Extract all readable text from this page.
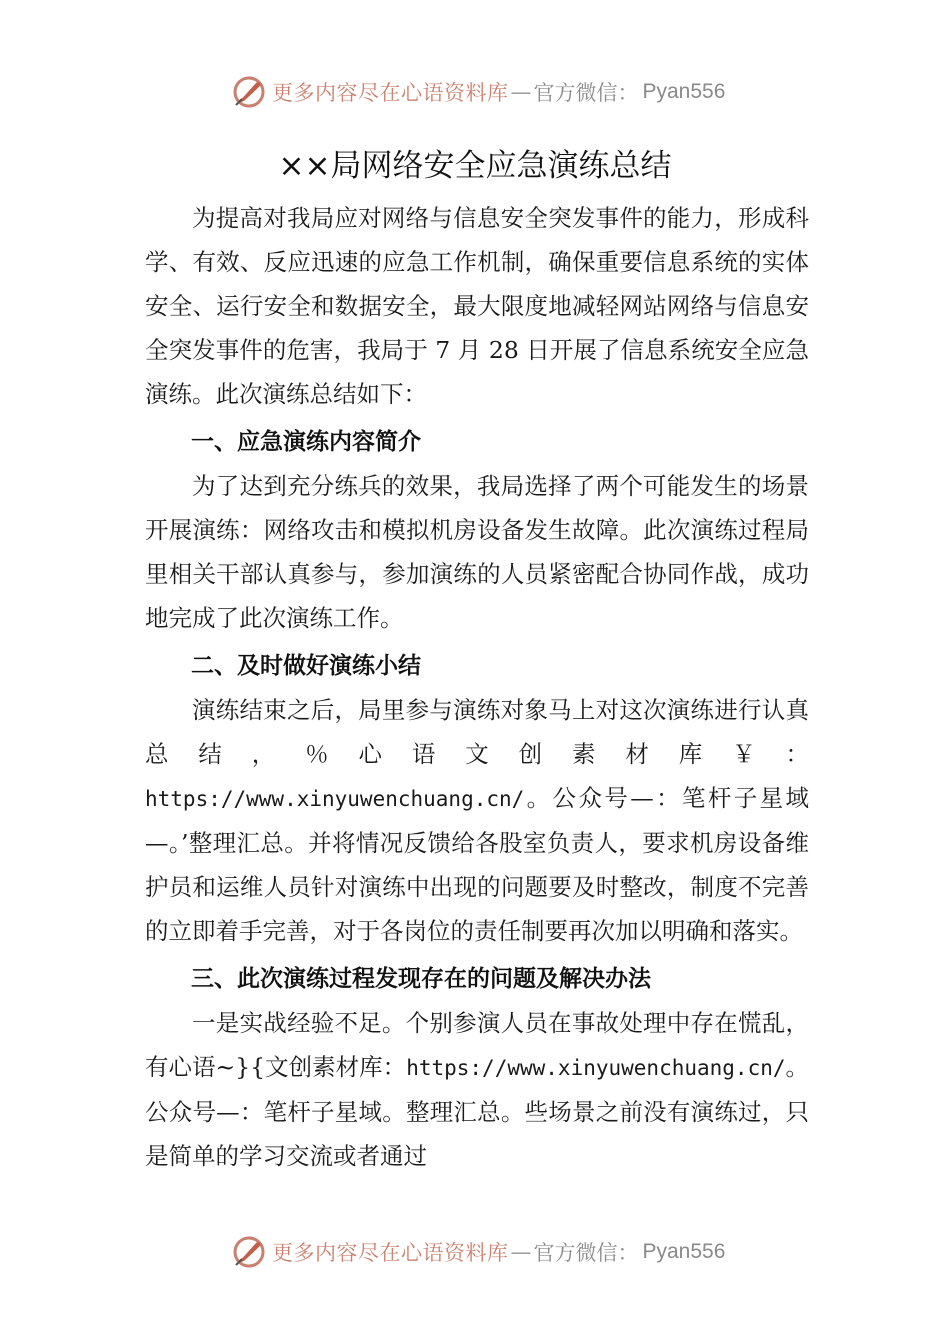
更多内容尽在心语资料库 — 官方微信： Pyan556
××局网络安全应急演练总结

为提高对我局应对网络与信息安全突发事件的能力，形成科学、有效、反应迅速的应急工作机制，确保重要信息系统的实体安全、运行安全和数据安全，最大限度地减轻网站网络与信息安全突发事件的危害，我局于 7 月 28 日开展了信息系统安全应急演练。此次演练总结如下：

一、应急演练内容简介

为了达到充分练兵的效果，我局选择了两个可能发生的场景开展演练：网络攻击和模拟机房设备发生故障。此次演练过程局里相关干部认真参与，参加演练的人员紧密配合协同作战，成功地完成了此次演练工作。

二、及时做好演练小结

演练结束之后，局里参与演练对象马上对这次演练进行认真总结，％心语文创素材库￥：https://www.xinyuwenchuang.cn/。公众号—：笔杆子星域—。’整理汇总。并将情况反馈给各股室负责人，要求机房设备维护员和运维人员针对演练中出现的问题要及时整改，制度不完善的立即着手完善，对于各岗位的责任制要再次加以明确和落实。

三、此次演练过程发现存在的问题及解决办法

一是实战经验不足。个别参演人员在事故处理中存在慌乱，有心语~}{文创素材库：https://www.xinyuwenchuang.cn/。公众号—：笔杆子星域。整理汇总。些场景之前没有演练过，只是简单的学习交流或者通过

更多内容尽在心语资料库 — 官方微信： Pyan556
